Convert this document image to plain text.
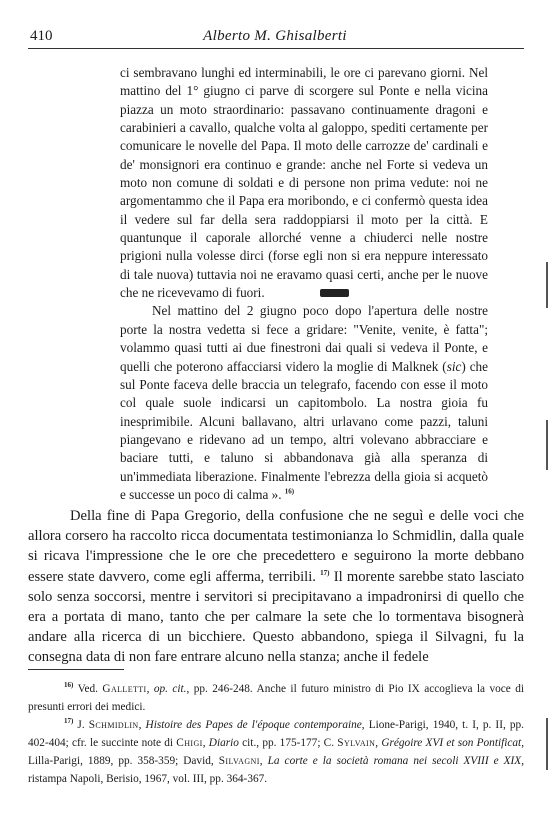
410	Alberto M. Ghisalberti

ci sembravano lunghi ed interminabili, le ore ci parevano giorni. Nel mattino del 1° giugno ci parve di scorgere sul Ponte e nella vicina piazza un moto straordinario: passavano continuamente dragoni e carabinieri a cavallo, qualche volta al galoppo, spediti certamente per comunicare le novelle del Papa. Il moto delle carrozze de' cardinali e de' monsignori era continuo e grande: anche nel Forte si vedeva un moto non comune di soldati e di persone non prima vedute: noi ne argomentammo che il Papa era moribondo, e ci confermò questa idea il vedere sul far della sera raddoppiarsi il moto per la città. E quantunque il caporale allorché venne a chiuderci nelle nostre prigioni nulla volesse dirci (forse egli non si era neppure interessato di tale nuova) tuttavia noi ne eravamo quasi certi, anche per le nuove che ne ricevevamo di fuori.

Nel mattino del 2 giugno poco dopo l'apertura delle nostre porte la nostra vedetta si fece a gridare: "Venite, venite, è fatta"; volammo quasi tutti ai due finestroni dai quali si vedeva il Ponte, e quelli che poterono affacciarsi videro la moglie di Malknek (sic) che sul Ponte faceva delle braccia un telegrafo, facendo con esse il moto col quale suole indicarsi un capitombolo. La nostra gioia fu inesprimibile. Alcuni ballavano, altri urlavano come pazzi, taluni piangevano e ridevano ad un tempo, altri volevano abbracciare e baciare tutti, e taluno si abbandonava già alla speranza di un'immediata liberazione. Finalmente l'ebrezza della gioia si acquetò e successe un poco di calma ». $^{16)}$

Della fine di Papa Gregorio, della confusione che ne seguì e delle voci che allora corsero ha raccolto ricca documentata testimonianza lo Schmidlin, dalla quale si ricava l'impressione che le ore che precedettero e seguirono la morte debbano essere state davvero, come egli afferma, terribili. $^{17)}$ Il morente sarebbe stato lasciato solo senza soccorsi, mentre i servitori si precipitavano a impadronirsi di quello che era a portata di mano, tanto che per calmare la sete che lo tormentava bisognerà andare alla ricerca di un bicchiere. Questo abbandono, spiega il Silvagni, fu la consegna data di non fare entrare alcuno nella stanza; anche il fedele

$^{16)}$ Ved. Galletti, op. cit., pp. 246-248. Anche il futuro ministro di Pio IX accoglieva la voce di presunti errori dei medici.

$^{17)}$ J. Schmidlin, Histoire des Papes de l'époque contemporaine, Lione-Parigi, 1940, t. I, p. II, pp. 402-404; cfr. le succinte note di Chigi, Diario cit., pp. 175-177; C. Sylvain, Grégoire XVI et son Pontificat, Lilla-Parigi, 1889, pp. 358-359; David, Silvagni, La corte e la società romana nei secoli XVIII e XIX, ristampa Napoli, Berisio, 1967, vol. III, pp. 364-367.
